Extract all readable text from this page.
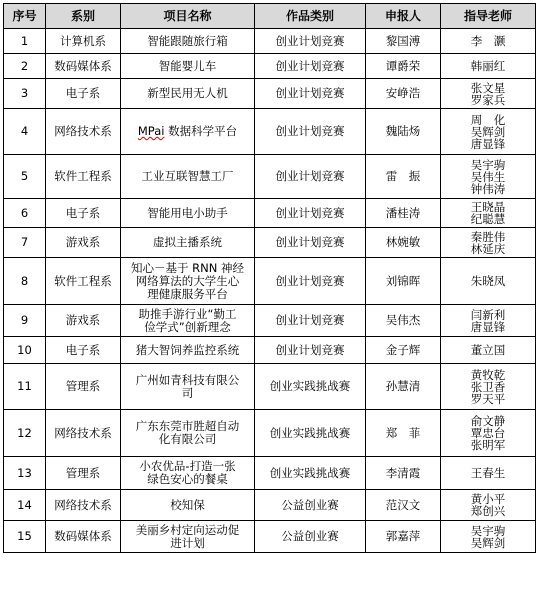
序号	系别	项目名称	作品类别	申报人	指导老师
1	计算机系	智能跟随旅行箱	创业计划竞赛	黎国溥	李　灏

2	数码媒体系	智能婴儿车	创业计划竞赛	谭爵荣	韩丽红

3	电子系	新型民用无人机	创业计划竞赛	安峥浩	张文星
罗家兵

4	网络技术系	MPai 数据科学平台	创业计划竞赛	魏陆炀	周　化
吴辉剑
唐显锋

5	软件工程系	工业互联智慧工厂	创业计划竞赛	雷　振	吴宇驹
吴伟生
钟伟涛

6	电子系	智能用电小助手	创业计划竞赛	潘桂涛	王晓晶
纪聪慧

7	游戏系	虚拟主播系统	创业计划竞赛	林婉敏	秦胜伟
林延庆

8	软件工程系	知心－基于 RNN 神经
网络算法的大学生心
理健康服务平台	创业计划竞赛	刘锦晖	朱晓凤

9	游戏系	助推手游行业“勤工
俭学式”创新理念	创业计划竞赛	吴伟杰	闫新利
唐显锋

10	电子系	猪大智饲养监控系统	创业计划竞赛	金子辉	董立国

11	管理系	广州如青科技有限公
司	创业实践挑战赛	孙慧清	黄牧乾
张卫香
罗天平

12	网络技术系	广东东莞市胜超自动
化有限公司	创业实践挑战赛	郑　菲	俞文静
覃忠台
张明军

13	管理系	小农优品-打造一张
绿色安心的餐桌	创业实践挑战赛	李清霞	王春生

14	网络技术系	校知保	公益创业赛	范汉文	黄小平
郑创兴

15	数码媒体系	美丽乡村定向运动促
进计划	公益创业赛	郭嘉萍	吴宇驹
吴辉剑
